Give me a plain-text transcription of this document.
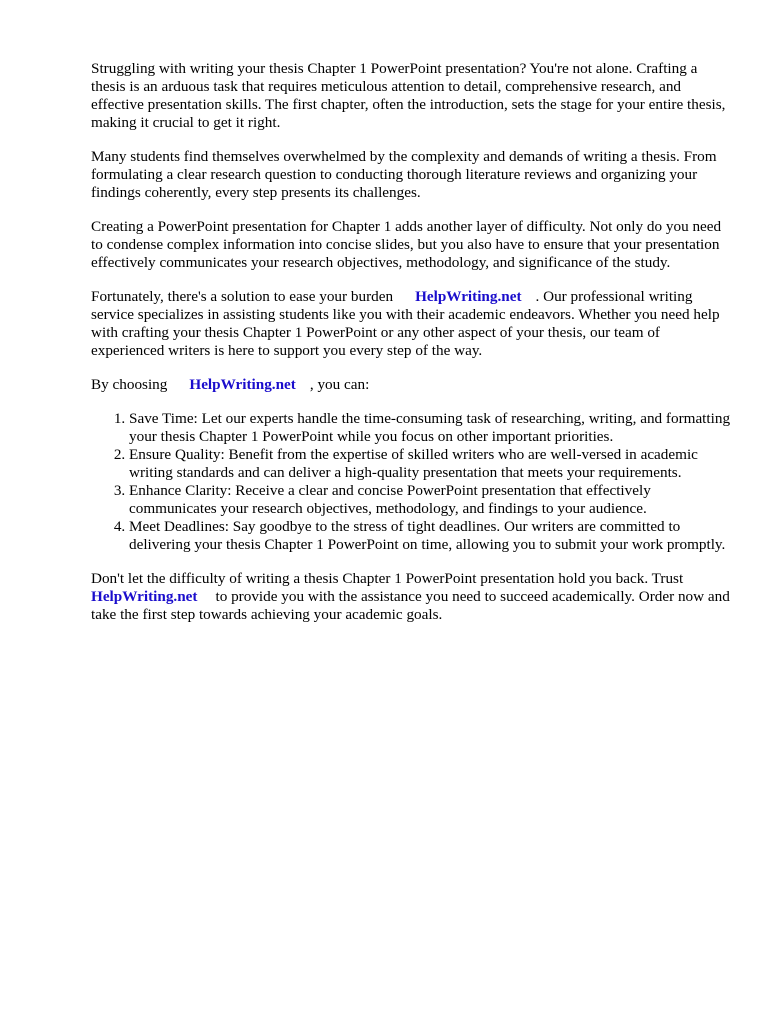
Struggling with writing your thesis Chapter 1 PowerPoint presentation? You're not alone. Crafting a thesis is an arduous task that requires meticulous attention to detail, comprehensive research, and effective presentation skills. The first chapter, often the introduction, sets the stage for your entire thesis, making it crucial to get it right.

Many students find themselves overwhelmed by the complexity and demands of writing a thesis. From formulating a clear research question to conducting thorough literature reviews and organizing your findings coherently, every step presents its challenges.

Creating a PowerPoint presentation for Chapter 1 adds another layer of difficulty. Not only do you need to condense complex information into concise slides, but you also have to ensure that your presentation effectively communicates your research objectives, methodology, and significance of the study.

Fortunately, there's a solution to ease your burden HelpWriting.net . Our professional writing service specializes in assisting students like you with their academic endeavors. Whether you need help with crafting your thesis Chapter 1 PowerPoint or any other aspect of your thesis, our team of experienced writers is here to support you every step of the way.

By choosing HelpWriting.net , you can:

1. Save Time: Let our experts handle the time-consuming task of researching, writing, and formatting your thesis Chapter 1 PowerPoint while you focus on other important priorities.
2. Ensure Quality: Benefit from the expertise of skilled writers who are well-versed in academic writing standards and can deliver a high-quality presentation that meets your requirements.
3. Enhance Clarity: Receive a clear and concise PowerPoint presentation that effectively communicates your research objectives, methodology, and findings to your audience.
4. Meet Deadlines: Say goodbye to the stress of tight deadlines. Our writers are committed to delivering your thesis Chapter 1 PowerPoint on time, allowing you to submit your work promptly.

Don't let the difficulty of writing a thesis Chapter 1 PowerPoint presentation hold you back. Trust HelpWriting.net to provide you with the assistance you need to succeed academically. Order now and take the first step towards achieving your academic goals.
